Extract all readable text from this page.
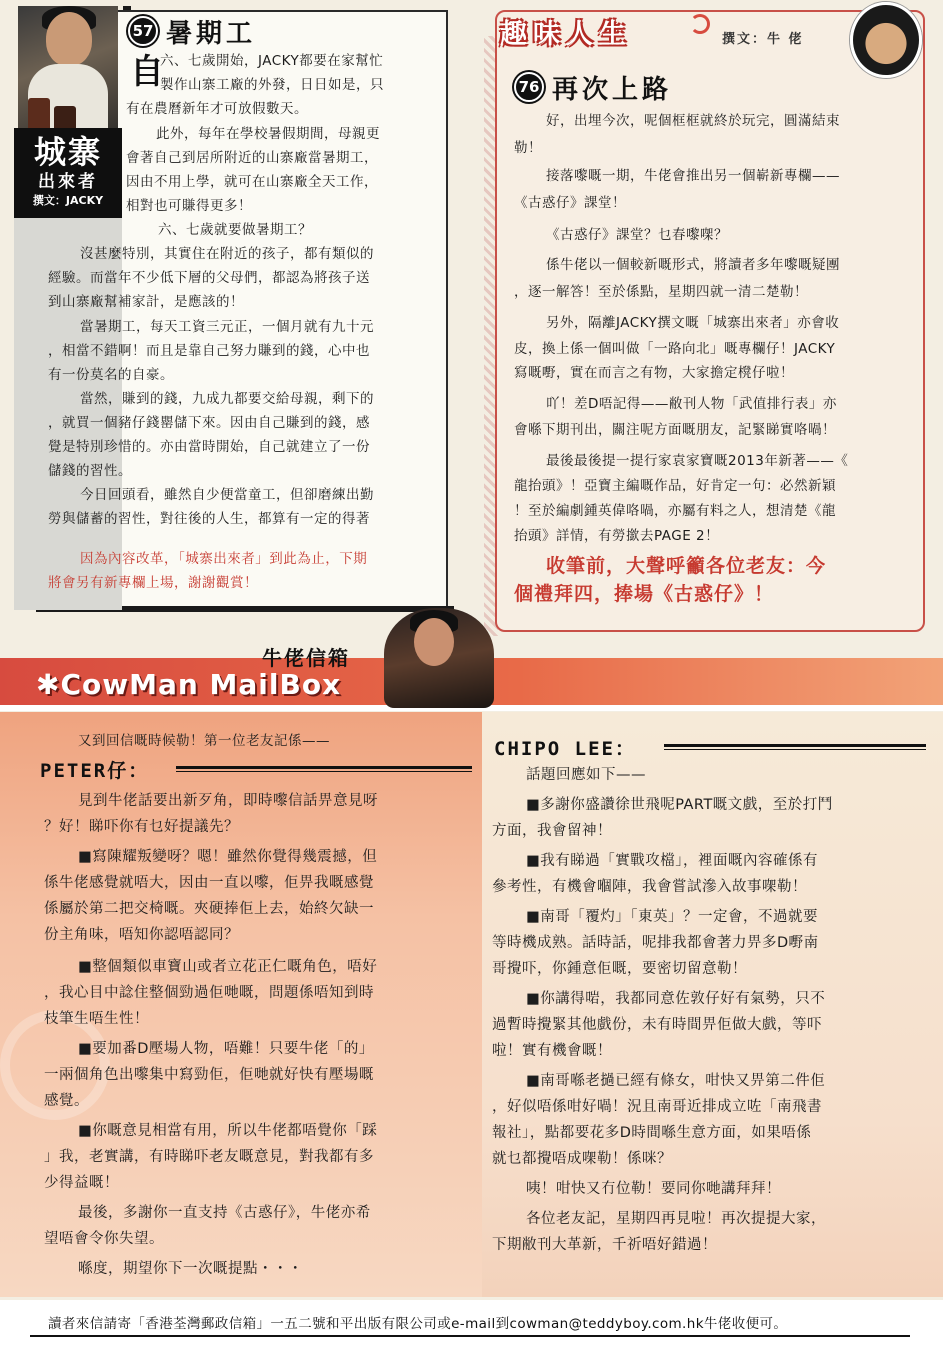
城寨
出來者
撰文：JACKY
57 暑期工
自
六、七歲開始，JACKY都要在家幫忙
製作山寨工廠的外發，日日如是，只
有在農曆新年才可放假數天。
此外，每年在學校暑假期間，母親更
會著自己到居所附近的山寨廠當暑期工，
因由不用上學，就可在山寨廠全天工作，
相對也可賺得更多！
六、七歲就要做暑期工？
沒甚麼特別，其實住在附近的孩子，都有類似的
經驗。而當年不少低下層的父母們，都認為將孩子送
到山寨廠幫補家計，是應該的！
當暑期工，每天工資三元正，一個月就有九十元
，相當不錯啊！而且是靠自己努力賺到的錢，心中也
有一份莫名的自豪。
當然，賺到的錢，九成九都要交給母親，剩下的
，就買一個豬仔錢罌儲下來。因由自己賺到的錢，感
覺是特別珍惜的。亦由當時開始，自己就建立了一份
儲錢的習性。
今日回頭看，雖然自少便當童工，但卻磨練出勤
勞與儲蓄的習性，對往後的人生，都算有一定的得著
因為內容改革，「城寨出來者」到此為止，下期
將會另有新專欄上場，謝謝觀賞！
趣味人生	撰文：牛 佬
76 再次上路
好，出埋今次，呢個框框就終於玩完，圓滿結束
勒！
接落嚟嘅一期，牛佬會推出另一個嶄新專欄——
《古惑仔》課堂！
《古惑仔》課堂？乜春嚟㗎？
係牛佬以一個較新嘅形式，將讀者多年嚟嘅疑團
，逐一解答！至於係點，星期四就一清二楚勒！
另外，隔離JACKY撰文嘅「城寨出來者」亦會收
皮，換上係一個叫做「一路向北」嘅專欄仔！JACKY
寫嘅嘢，實在而言之有物，大家擔定櫈仔啦！
吖！差D唔記得——敝刊人物「武值排行表」亦
會喺下期刊出，關注呢方面嘅朋友，記緊睇實咯喎！
最後最後提一提行家袁家寶嘅2013年新著——《
龍抬頭》！亞寶主編嘅作品，好肯定一句：必然新穎
！至於編劇鍾英偉咯喎，亦屬有料之人，想清楚《龍
抬頭》詳情，有勞撳去PAGE 2！
收筆前，大聲呼籲各位老友：今
個禮拜四，捧場《古惑仔》！
牛佬信箱
✱CowMan MailBox
又到回信嘅時候勒！第一位老友記係——
PETER仔：
見到牛佬話要出新歹角，即時嚟信話畀意見呀
？好！睇吓你有乜好提議先？
■寫陳耀叛變呀？嗯！雖然你覺得幾震撼，但
係牛佬感覺就唔大，因由一直以嚟，佢畀我嘅感覺
係屬於第二把交椅嘅。夾硬捧佢上去，始終欠缺一
份主角味，唔知你認唔認同？
■整個類似車寶山或者立花正仁嘅角色，唔好
，我心目中諗住整個勁過佢哋嘅，問題係唔知到時
枝筆生唔生性！
■要加番D壓場人物，唔難！只要牛佬「的」
一兩個角色出嚟集中寫勁佢，佢哋就好快有壓場嘅
感覺。
■你嘅意見相當有用，所以牛佬都唔覺你「踩
」我，老實講，有時睇吓老友嘅意見，對我都有多
少得益嘅！
最後，多謝你一直支持《古惑仔》，牛佬亦希
望唔會令你失望。
喺度，期望你下一次嘅提點・・・
CHIPO LEE：
話題回應如下——
■多謝你盛讚徐世飛呢PART嘅文戲，至於打鬥
方面，我會留神！
■我有睇過「實戰攻檔」，裡面嘅內容確係有
參考性，有機會嗰陣，我會嘗試滲入故事㗎勒！
■南哥「覆灼」「東英」？一定會，不過就要
等時機成熟。話時話，呢排我都會著力畀多D嘢南
哥攪吓，你鍾意佢嘅，要密切留意勒！
■你講得啱，我都同意佐敦仔好有氣勢，只不
過暫時攪緊其他戲份，未有時間畀佢做大戲，等吓
啦！實有機會嘅！
■南哥喺老撾已經有條女，咁快又畀第二件佢
，好似唔係咁好喎！況且南哥近排成立咗「南飛書
報社」，點都要花多D時間喺生意方面，如果唔係
就乜都攪唔成㗎勒！係咪？
咦！咁快又冇位勒！要同你哋講拜拜！
各位老友記，星期四再見啦！再次提提大家，
下期敝刊大革新，千祈唔好錯過！
讀者來信請寄「香港荃灣郵政信箱」一五二號和平出版有限公司或e-mail到cowman@teddyboy.com.hk牛佬收便可。
